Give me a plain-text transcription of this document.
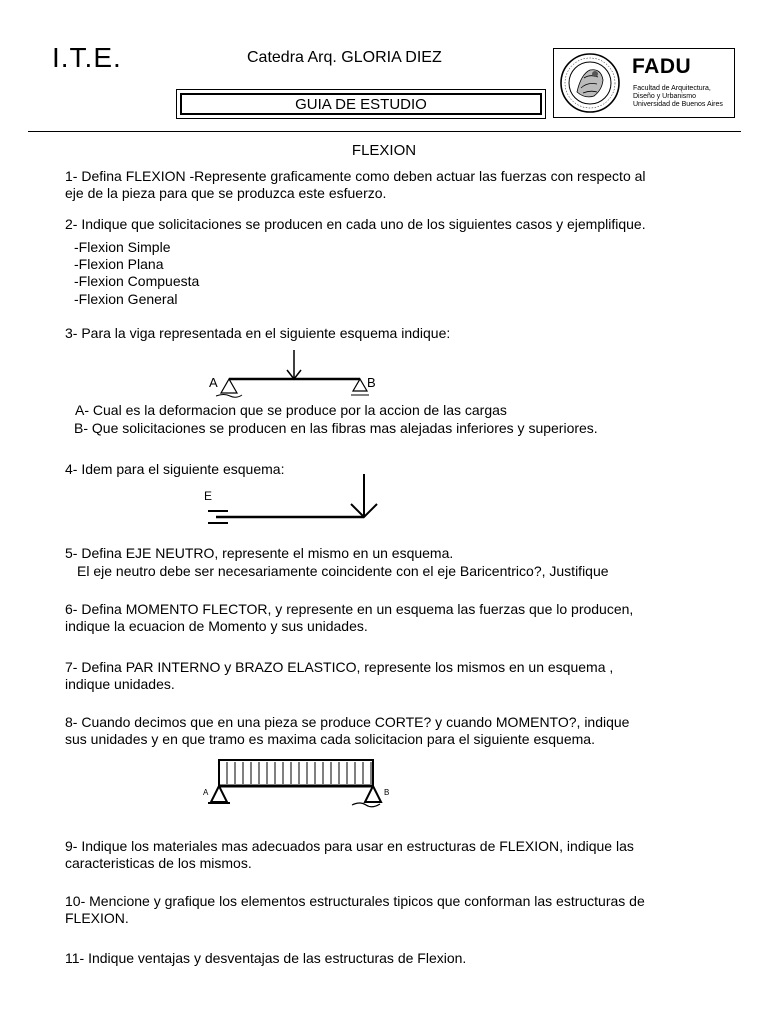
I.T.E.	Catedra Arq. GLORIA DIEZ
GUIA DE ESTUDIO
FADU
Facultad de Arquitectura,
Diseño y Urbanismo
Universidad de Buenos Aires
FLEXION
1- Defina FLEXION -Represente graficamente como deben actuar las fuerzas con respecto al
eje de la pieza para que se produzca este esfuerzo.
2- Indique que solicitaciones se producen en cada uno de los siguientes casos y ejemplifique.
-Flexion Simple
-Flexion Plana
-Flexion Compuesta
-Flexion General
3- Para la viga representada en el siguiente esquema indique:
A	B
A- Cual es la deformacion que se produce por la accion de las cargas
B- Que solicitaciones se producen en las fibras mas alejadas inferiores y superiores.
4- Idem para el siguiente esquema:
E
5- Defina EJE NEUTRO, represente el mismo en un esquema.
El eje neutro debe ser necesariamente coincidente con el eje Baricentrico?, Justifique
6- Defina MOMENTO FLECTOR, y represente en un esquema las fuerzas que lo producen,
indique la ecuacion de Momento y sus unidades.
7- Defina PAR INTERNO y BRAZO ELASTICO, represente los mismos en un esquema ,
indique unidades.
8- Cuando decimos que en una pieza se produce CORTE? y cuando MOMENTO?, indique
sus unidades y en que tramo es maxima cada solicitacion para el siguiente esquema.
A	B
9- Indique los materiales mas adecuados para usar en estructuras de FLEXION, indique las
caracteristicas de los mismos.
10- Mencione y grafique los elementos estructurales tipicos que conforman las estructuras de
FLEXION.
11- Indique ventajas y desventajas de las estructuras de Flexion.
